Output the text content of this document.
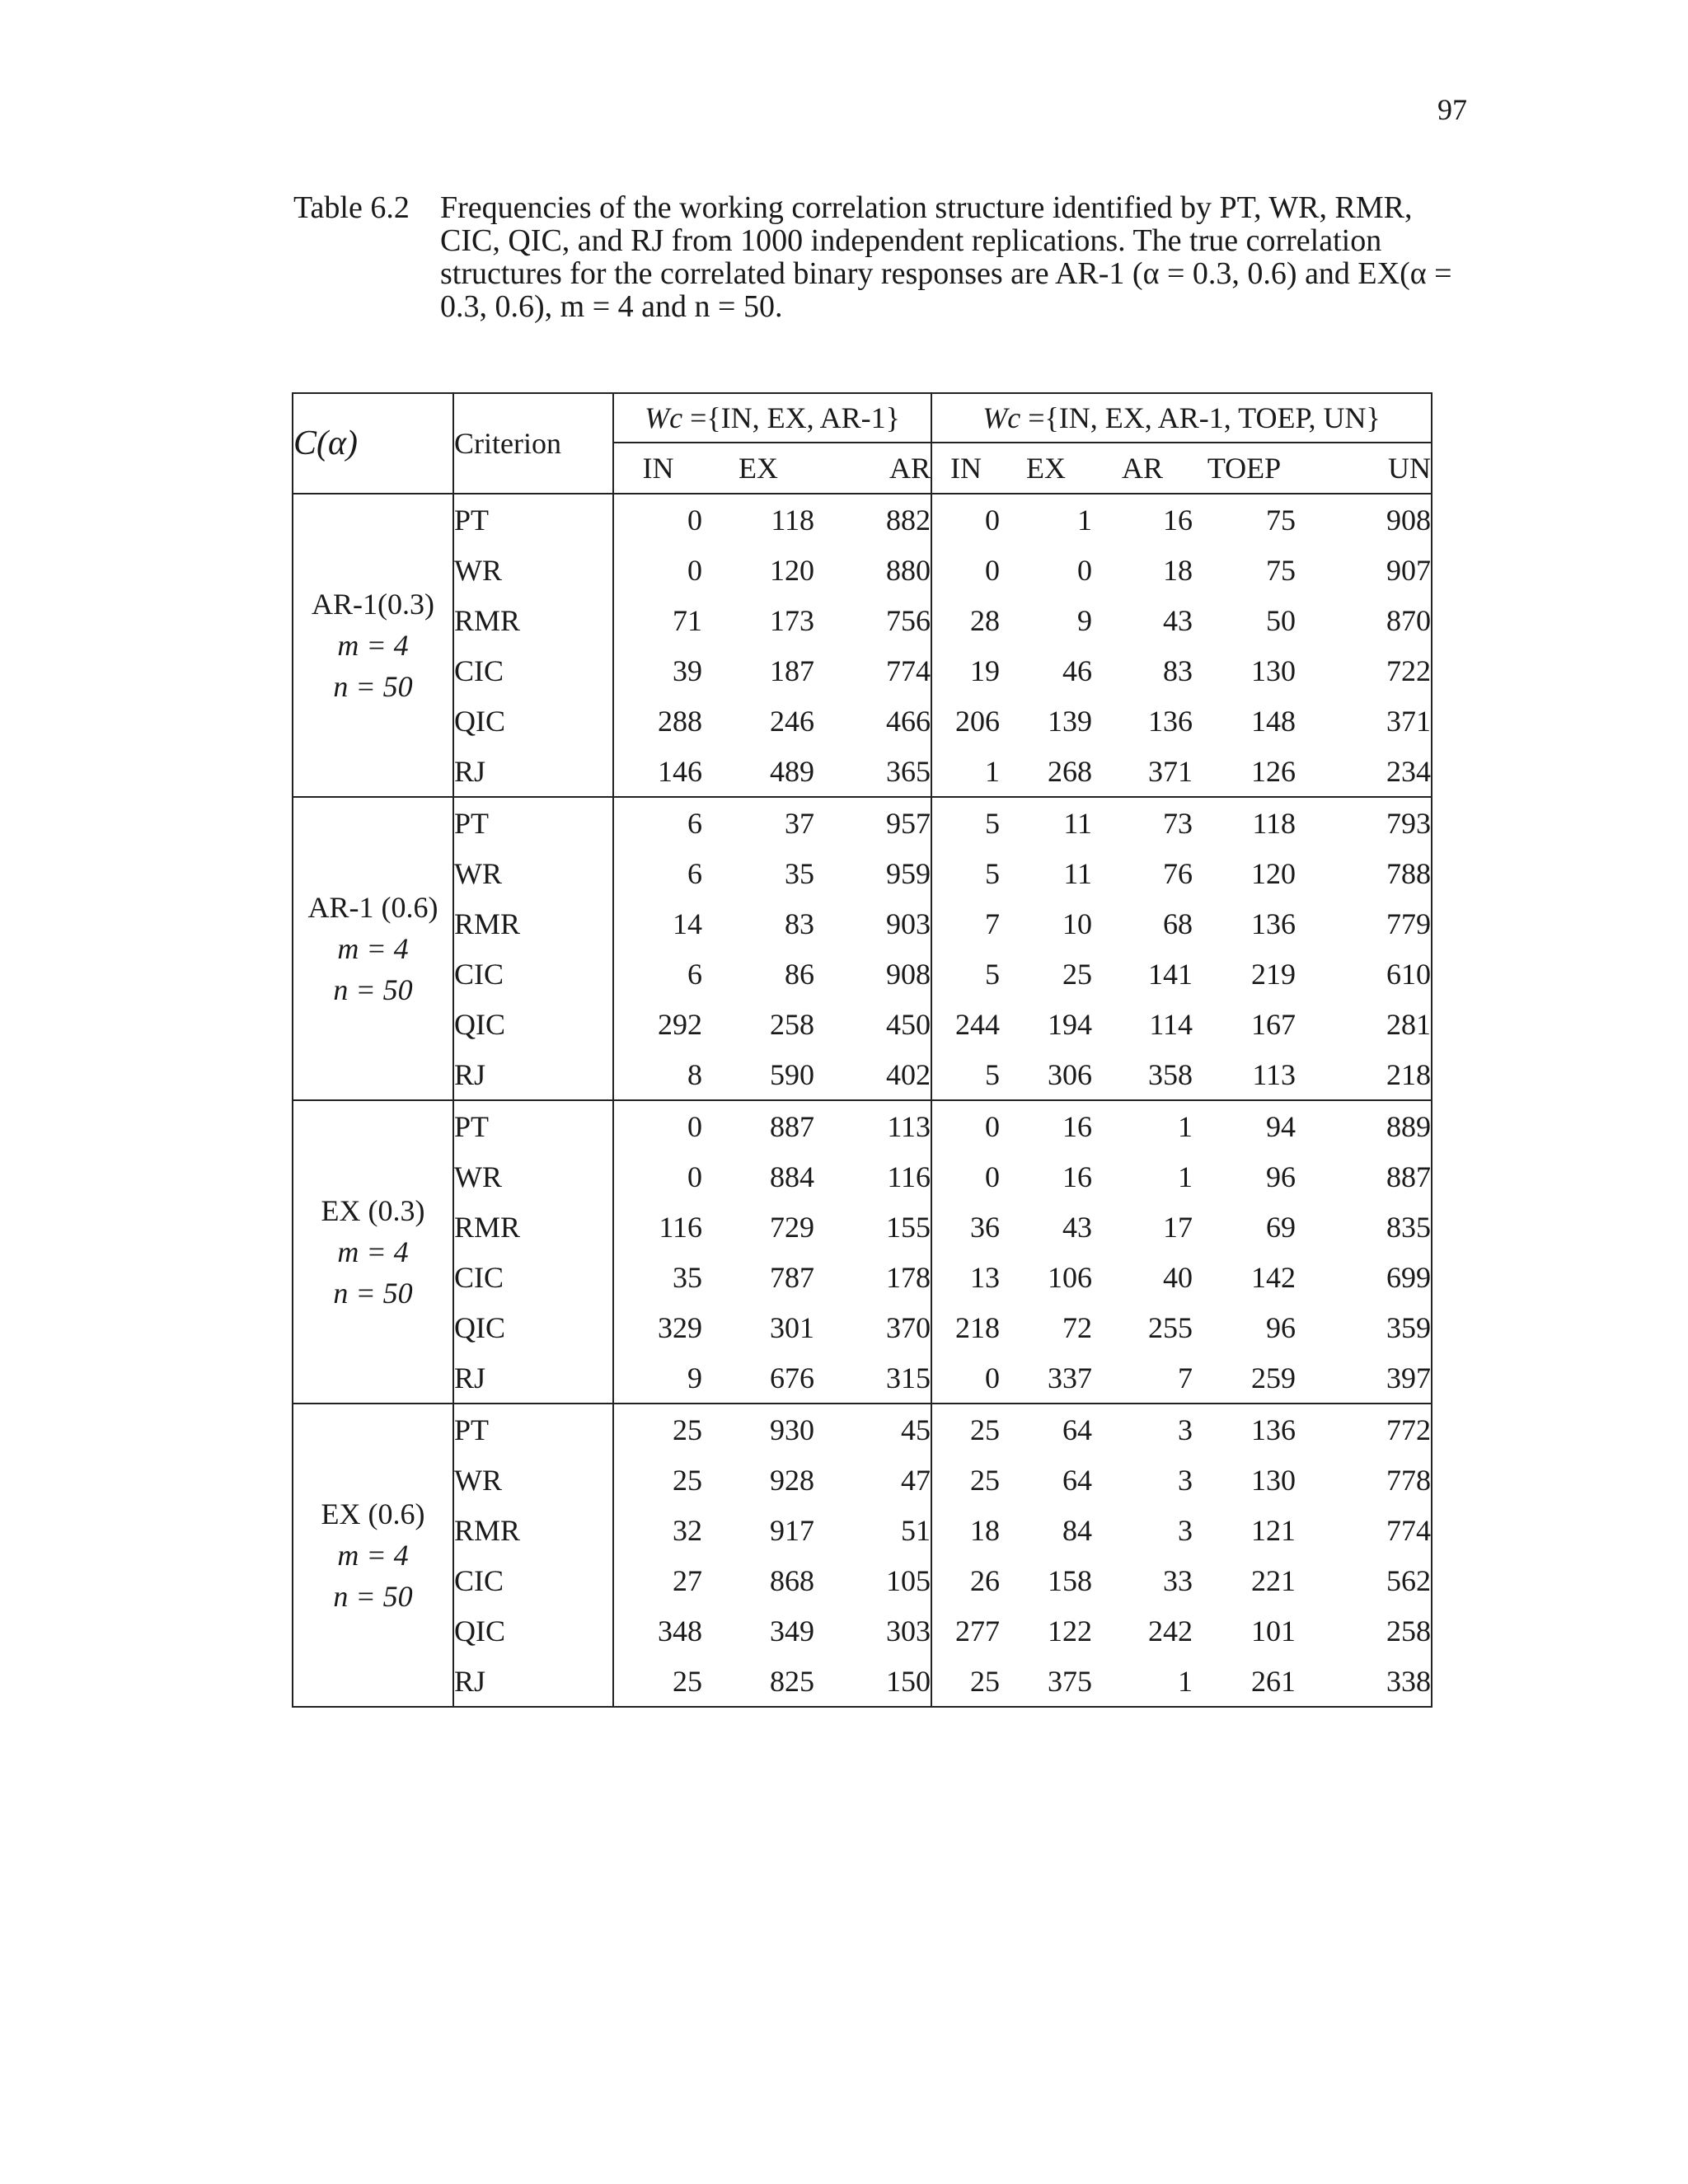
97
Table 6.2 Frequencies of the working correlation structure identified by PT, WR, RMR, CIC, QIC, and RJ from 1000 independent replications. The true correlation structures for the correlated binary responses are AR-1 (α = 0.3, 0.6) and EX(α = 0.3, 0.6), m = 4 and n = 50.
C(α)	Criterion	Wc ={IN, EX, AR-1}			Wc ={IN, EX, AR-1, TOEP, UN}				
		IN	EX	AR	IN	EX	AR	TOEP	UN

AR-1(0.3)
m = 4
n = 50	PT	0	118	882	0	1	16	75	908
	WR	0	120	880	0	0	18	75	907
	RMR	71	173	756	28	9	43	50	870
	CIC	39	187	774	19	46	83	130	722
	QIC	288	246	466	206	139	136	148	371
	RJ	146	489	365	1	268	371	126	234

AR-1 (0.6)
m = 4
n = 50	PT	6	37	957	5	11	73	118	793
	WR	6	35	959	5	11	76	120	788
	RMR	14	83	903	7	10	68	136	779
	CIC	6	86	908	5	25	141	219	610
	QIC	292	258	450	244	194	114	167	281
	RJ	8	590	402	5	306	358	113	218

EX (0.3)
m = 4
n = 50	PT	0	887	113	0	16	1	94	889
	WR	0	884	116	0	16	1	96	887
	RMR	116	729	155	36	43	17	69	835
	CIC	35	787	178	13	106	40	142	699
	QIC	329	301	370	218	72	255	96	359
	RJ	9	676	315	0	337	7	259	397

EX (0.6)
m = 4
n = 50	PT	25	930	45	25	64	3	136	772
	WR	25	928	47	25	64	3	130	778
	RMR	32	917	51	18	84	3	121	774
	CIC	27	868	105	26	158	33	221	562
	QIC	348	349	303	277	122	242	101	258
	RJ	25	825	150	25	375	1	261	338
